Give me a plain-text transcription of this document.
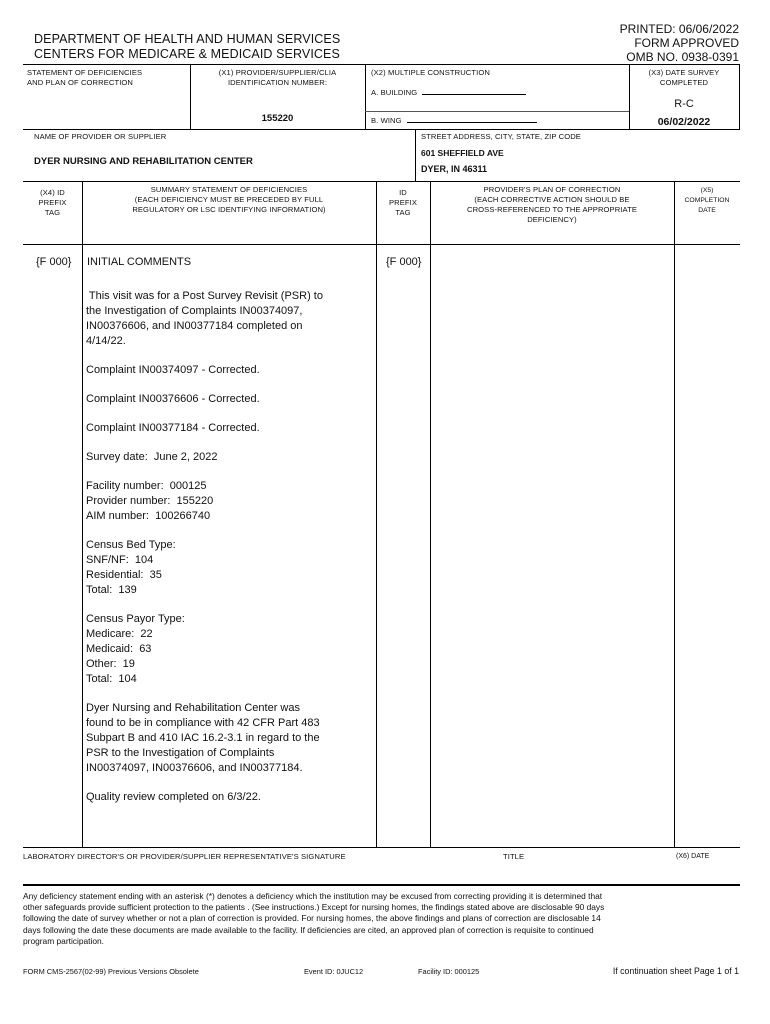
DEPARTMENT OF HEALTH AND HUMAN SERVICES
CENTERS FOR MEDICARE & MEDICAID SERVICES
PRINTED: 06/06/2022
FORM APPROVED
OMB NO. 0938-0391
STATEMENT OF DEFICIENCIES
AND PLAN OF CORRECTION
(X1) PROVIDER/SUPPLIER/CLIA
IDENTIFICATION NUMBER:
155220
(X2) MULTIPLE CONSTRUCTION
A. BUILDING
B. WING
(X3) DATE SURVEY
COMPLETED
R-C
06/02/2022
NAME OF PROVIDER OR SUPPLIER
DYER NURSING AND REHABILITATION CENTER
STREET ADDRESS, CITY, STATE, ZIP CODE
601 SHEFFIELD AVE
DYER, IN 46311
(X4) ID
PREFIX
TAG
SUMMARY STATEMENT OF DEFICIENCIES
(EACH DEFICIENCY MUST BE PRECEDED BY FULL
REGULATORY OR LSC IDENTIFYING INFORMATION)
ID
PREFIX
TAG
PROVIDER'S PLAN OF CORRECTION
(EACH CORRECTIVE ACTION SHOULD BE
CROSS-REFERENCED TO THE APPROPRIATE
DEFICIENCY)
(X5)
COMPLETION
DATE
{F 000}	{F 000}
INITIAL COMMENTS
This visit was for a Post Survey Revisit (PSR) to
the Investigation of Complaints IN00374097,
IN00376606, and IN00377184 completed on
4/14/22.
Complaint IN00374097 - Corrected.
Complaint IN00376606 - Corrected.
Complaint IN00377184 - Corrected.
Survey date:  June 2, 2022
Facility number:  000125
Provider number:  155220
AIM number:  100266740
Census Bed Type:
SNF/NF:  104
Residential:  35
Total:  139
Census Payor Type:
Medicare:  22
Medicaid:  63
Other:  19
Total:  104
Dyer Nursing and Rehabilitation Center was
found to be in compliance with 42 CFR Part 483
Subpart B and 410 IAC 16.2-3.1 in regard to the
PSR to the Investigation of Complaints
IN00374097, IN00376606, and IN00377184.
Quality review completed on 6/3/22.
LABORATORY DIRECTOR'S OR PROVIDER/SUPPLIER REPRESENTATIVE'S SIGNATURE	TITLE	(X6) DATE
Any deficiency statement ending with an asterisk (*) denotes a deficiency which the institution may be excused from correcting providing it is determined that
other safeguards provide sufficient protection to the patients . (See instructions.) Except for nursing homes, the findings stated above are disclosable 90 days
following the date of survey whether or not a plan of correction is provided. For nursing homes, the above findings and plans of correction are disclosable 14
days following the date these documents are made available to the facility. If deficiencies are cited, an approved plan of correction is requisite to continued
program participation.
FORM CMS-2567(02-99) Previous Versions Obsolete	Event ID: 0JUC12	Facility ID: 000125	If continuation sheet Page 1 of 1
